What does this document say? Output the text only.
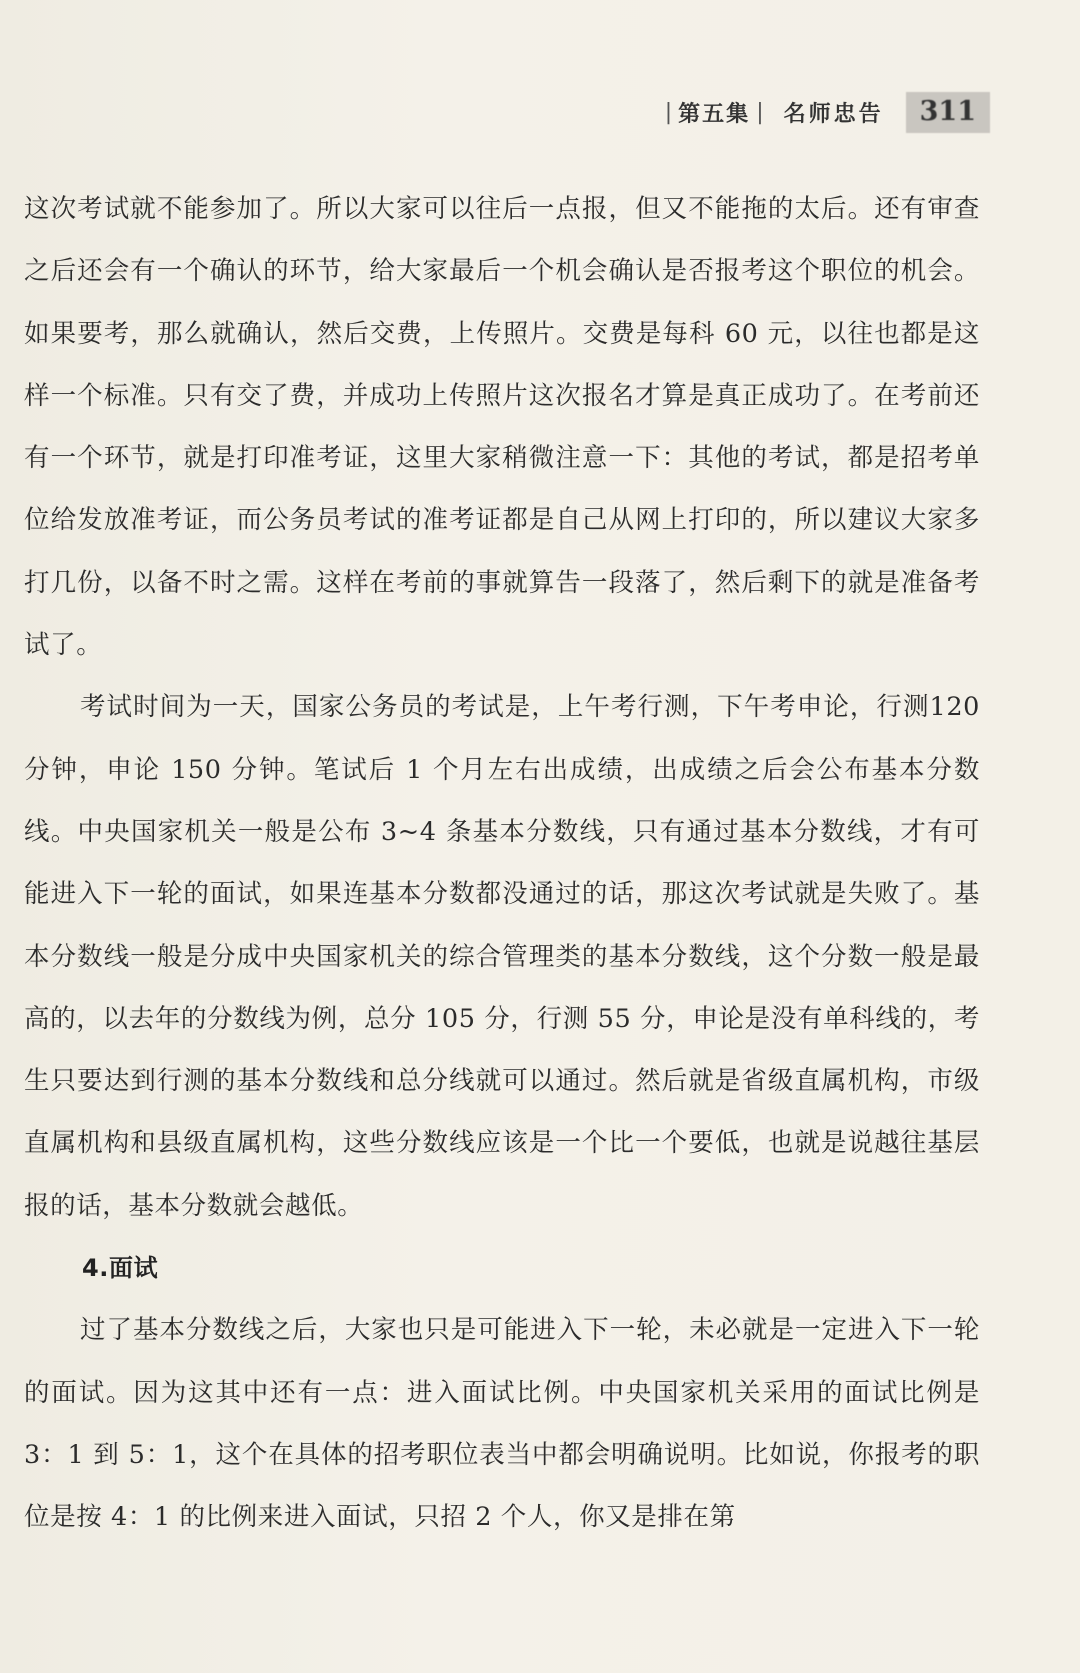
| 第五集 | 名师忠告	311

这次考试就不能参加了。所以大家可以往后一点报，但又不能拖的太后。还有审查之后还会有一个确认的环节，给大家最后一个机会确认是否报考这个职位的机会。如果要考，那么就确认，然后交费，上传照片。交费是每科 60 元，以往也都是这样一个标准。只有交了费，并成功上传照片这次报名才算是真正成功了。在考前还有一个环节，就是打印准考证，这里大家稍微注意一下：其他的考试，都是招考单位给发放准考证，而公务员考试的准考证都是自己从网上打印的，所以建议大家多打几份，以备不时之需。这样在考前的事就算告一段落了，然后剩下的就是准备考试了。

考试时间为一天，国家公务员的考试是，上午考行测，下午考申论，行测120 分钟，申论 150 分钟。笔试后 1 个月左右出成绩，出成绩之后会公布基本分数线。中央国家机关一般是公布 3~4 条基本分数线，只有通过基本分数线，才有可能进入下一轮的面试，如果连基本分数都没通过的话，那这次考试就是失败了。基本分数线一般是分成中央国家机关的综合管理类的基本分数线，这个分数一般是最高的，以去年的分数线为例，总分 105 分，行测 55 分，申论是没有单科线的，考生只要达到行测的基本分数线和总分线就可以通过。然后就是省级直属机构，市级直属机构和县级直属机构，这些分数线应该是一个比一个要低，也就是说越往基层报的话，基本分数就会越低。

4.面试

过了基本分数线之后，大家也只是可能进入下一轮，未必就是一定进入下一轮的面试。因为这其中还有一点：进入面试比例。中央国家机关采用的面试比例是 3：1 到 5：1，这个在具体的招考职位表当中都会明确说明。比如说，你报考的职位是按 4：1 的比例来进入面试，只招 2 个人，你又是排在第
